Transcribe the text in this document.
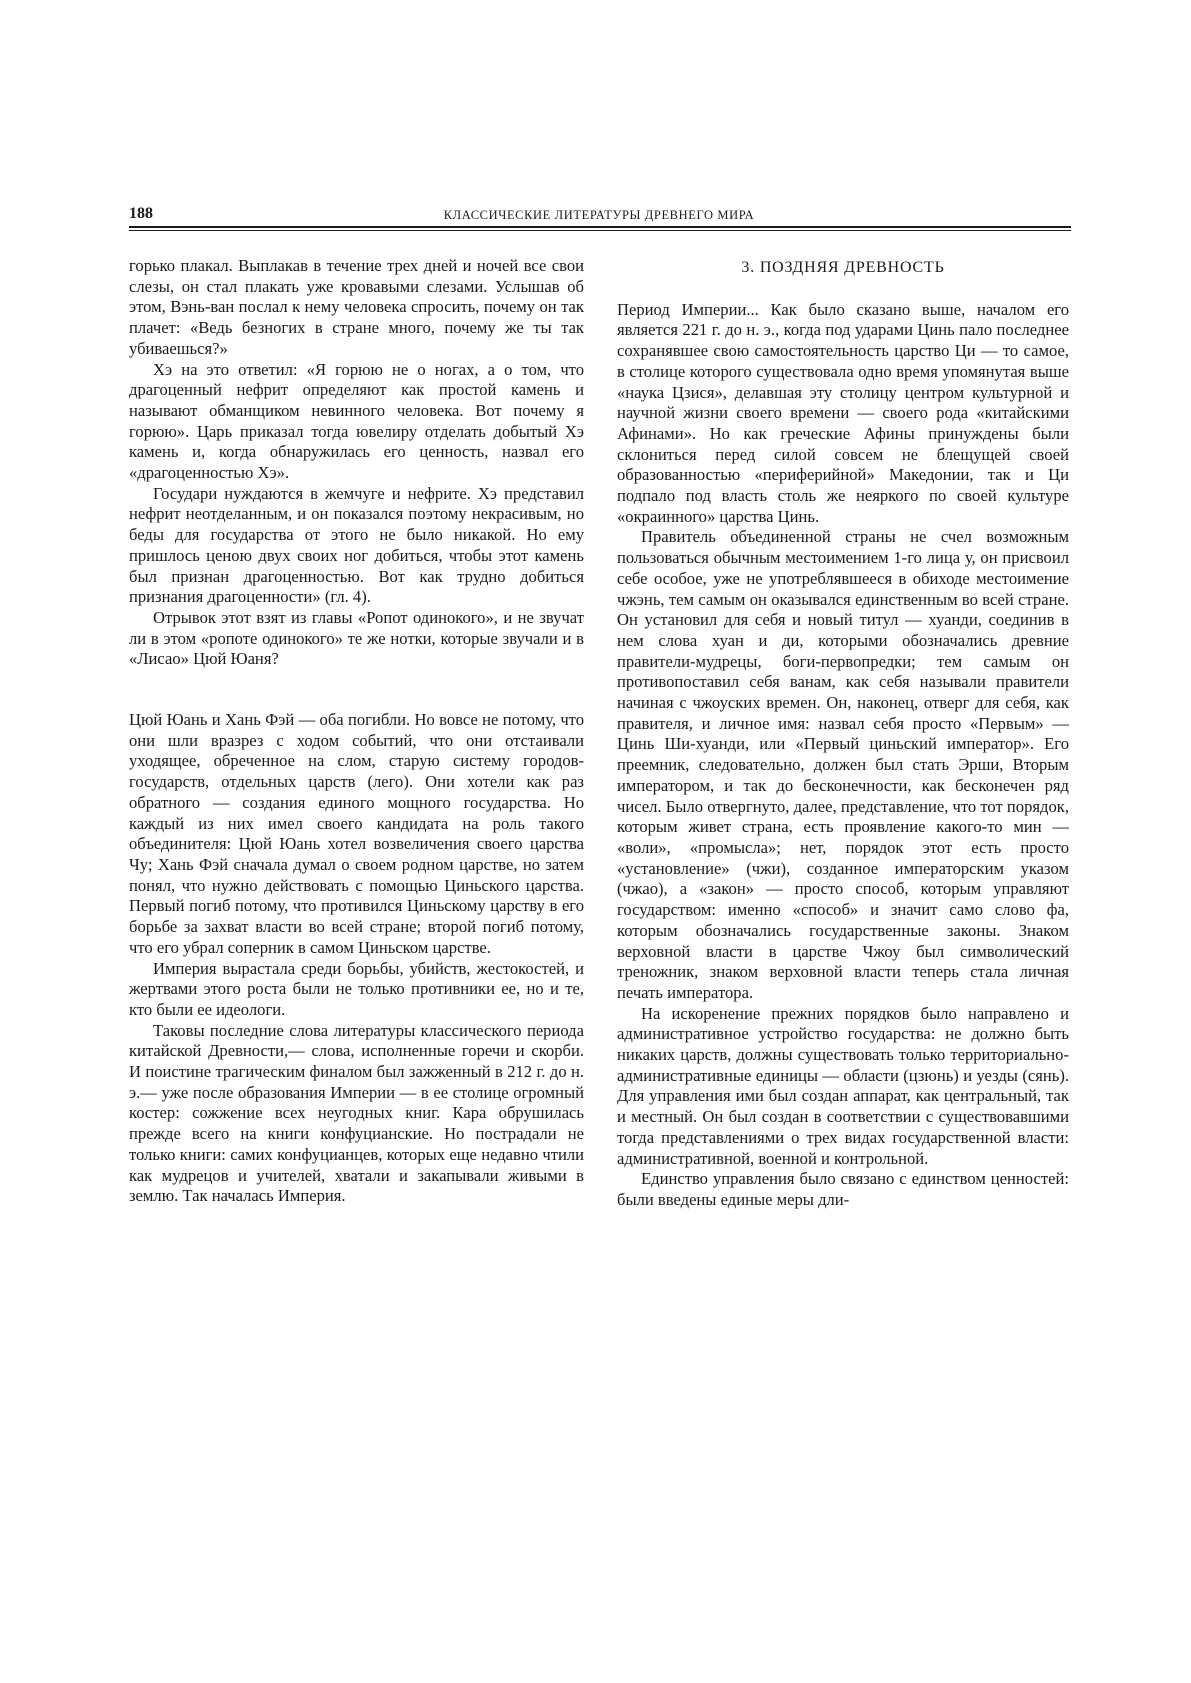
188	КЛАССИЧЕСКИЕ ЛИТЕРАТУРЫ ДРЕВНЕГО МИРА

горько плакал. Выплакав в течение трех дней и ночей все свои слезы, он стал плакать уже кровавыми слезами. Услышав об этом, Вэнь-ван послал к нему человека спросить, почему он так плачет: «Ведь безногих в стране много, почему же ты так убиваешься?»

Хэ на это ответил: «Я горюю не о ногах, а о том, что драгоценный нефрит определяют как простой камень и называют обманщиком невинного человека. Вот почему я горюю». Царь приказал тогда ювелиру отделать добытый Хэ камень и, когда обнаружилась его ценность, назвал его «драгоценностью Хэ».

Государи нуждаются в жемчуге и нефрите. Хэ представил нефрит неотделанным, и он показался поэтому некрасивым, но беды для государства от этого не было никакой. Но ему пришлось ценою двух своих ног добиться, чтобы этот камень был признан драгоценностью. Вот как трудно добиться признания драгоценности» (гл. 4).

Отрывок этот взят из главы «Ропот одинокого», и не звучат ли в этом «ропоте одинокого» те же нотки, которые звучали и в «Лисао» Цюй Юаня?

Цюй Юань и Хань Фэй — оба погибли. Но вовсе не потому, что они шли вразрез с ходом событий, что они отстаивали уходящее, обреченное на слом, старую систему городов-государств, отдельных царств (лего). Они хотели как раз обратного — создания единого мощного государства. Но каждый из них имел своего кандидата на роль такого объединителя: Цюй Юань хотел возвеличения своего царства Чу; Хань Фэй сначала думал о своем родном царстве, но затем понял, что нужно действовать с помощью Циньского царства. Первый погиб потому, что противился Циньскому царству в его борьбе за захват власти во всей стране; второй погиб потому, что его убрал соперник в самом Циньском царстве.

Империя вырастала среди борьбы, убийств, жестокостей, и жертвами этого роста были не только противники ее, но и те, кто были ее идеологи.

Таковы последние слова литературы классического периода китайской Древности,— слова, исполненные горечи и скорби. И поистине трагическим финалом был зажженный в 212 г. до н. э.— уже после образования Империи — в ее столице огромный костер: сожжение всех неугодных книг. Кара обрушилась прежде всего на книги конфуцианские. Но пострадали не только книги: самих конфуцианцев, которых еще недавно чтили как мудрецов и учителей, хватали и закапывали живыми в землю. Так началась Империя.

3. ПОЗДНЯЯ ДРЕВНОСТЬ

Период Империи... Как было сказано выше, началом его является 221 г. до н. э., когда под ударами Цинь пало последнее сохранявшее свою самостоятельность царство Ци — то самое, в столице которого существовала одно время упомянутая выше «наука Цзися», делавшая эту столицу центром культурной и научной жизни своего времени — своего рода «китайскими Афинами». Но как греческие Афины принуждены были склониться перед силой совсем не блещущей своей образованностью «периферийной» Македонии, так и Ци подпало под власть столь же неяркого по своей культуре «окраинного» царства Цинь.

Правитель объединенной страны не счел возможным пользоваться обычным местоимением 1-го лица у, он присвоил себе особое, уже не употреблявшееся в обиходе местоимение чжэнь, тем самым он оказывался единственным во всей стране. Он установил для себя и новый титул — хуанди, соединив в нем слова хуан и ди, которыми обозначались древние правители-мудрецы, боги-первопредки; тем самым он противопоставил себя ванам, как себя называли правители начиная с чжоуских времен. Он, наконец, отверг для себя, как правителя, и личное имя: назвал себя просто «Первым» — Цинь Ши-хуанди, или «Первый циньский император». Его преемник, следовательно, должен был стать Эрши, Вторым императором, и так до бесконечности, как бесконечен ряд чисел. Было отвергнуто, далее, представление, что тот порядок, которым живет страна, есть проявление какого-то мин — «воли», «промысла»; нет, порядок этот есть просто «установление» (чжи), созданное императорским указом (чжао), а «закон» — просто способ, которым управляют государством: именно «способ» и значит само слово фа, которым обозначались государственные законы. Знаком верховной власти в царстве Чжоу был символический треножник, знаком верховной власти теперь стала личная печать императора.

На искоренение прежних порядков было направлено и административное устройство государства: не должно быть никаких царств, должны существовать только территориально-административные единицы — области (цзюнь) и уезды (сянь). Для управления ими был создан аппарат, как центральный, так и местный. Он был создан в соответствии с существовавшими тогда представлениями о трех видах государственной власти: административной, военной и контрольной.

Единство управления было связано с единством ценностей: были введены единые меры дли-
